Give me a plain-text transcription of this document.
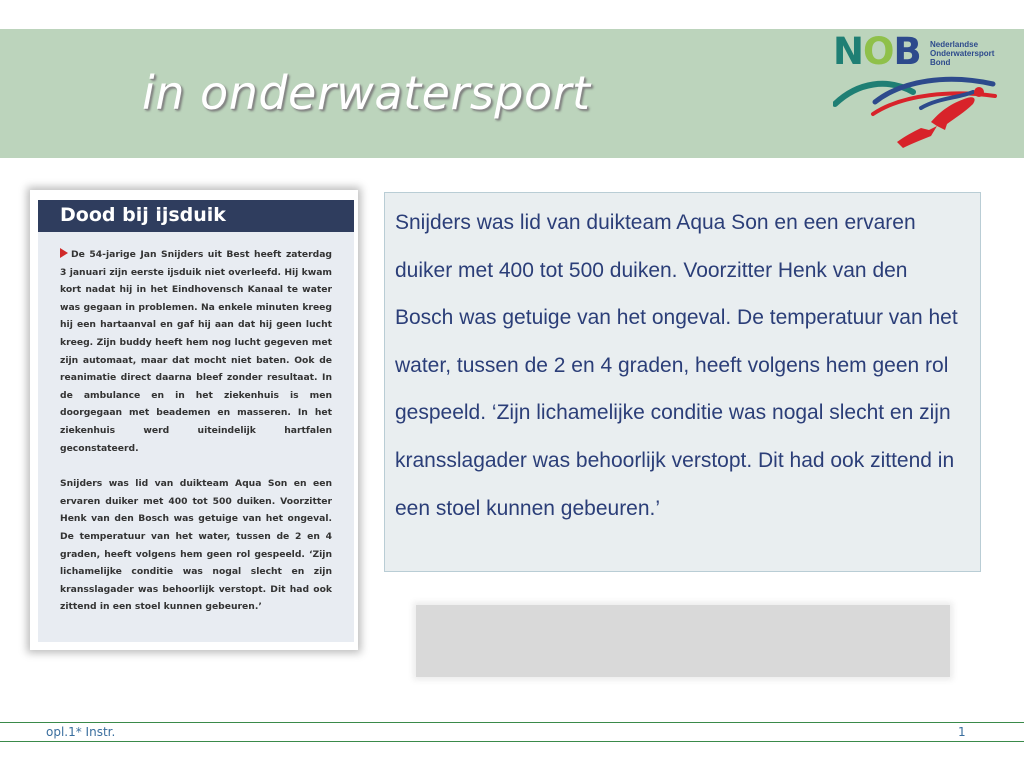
in onderwatersport
NOB Nederlandse
Onderwatersport
Bond
Dood bij ijsduik

De 54-jarige Jan Snijders uit Best heeft zaterdag 3 januari zijn eerste ijsduik niet overleefd. Hij kwam kort nadat hij in het Eindhovensch Kanaal te water was gegaan in problemen. Na enkele minuten kreeg hij een hartaanval en gaf hij aan dat hij geen lucht kreeg. Zijn buddy heeft hem nog lucht gegeven met zijn automaat, maar dat mocht niet baten. Ook de reanimatie direct daarna bleef zonder resultaat. In de ambulance en in het ziekenhuis is men doorgegaan met beademen en masseren. In het ziekenhuis werd uiteindelijk hartfalen geconstateerd.

Snijders was lid van duikteam Aqua Son en een ervaren duiker met 400 tot 500 duiken. Voorzitter Henk van den Bosch was getuige van het ongeval. De temperatuur van het water, tussen de 2 en 4 graden, heeft volgens hem geen rol gespeeld. ‘Zijn lichamelijke conditie was nogal slecht en zijn kransslagader was behoorlijk verstopt. Dit had ook zittend in een stoel kunnen gebeuren.’

Snijders was lid van duikteam Aqua Son en een ervaren duiker met 400 tot 500 duiken. Voorzitter Henk van den Bosch was getuige van het ongeval. De temperatuur van het water, tussen de 2 en 4 graden, heeft volgens hem geen rol gespeeld. ‘Zijn lichamelijke conditie was nogal slecht en zijn kransslagader was behoorlijk verstopt. Dit had ook zittend in een stoel kunnen gebeuren.’

opl.1* Instr.	1
